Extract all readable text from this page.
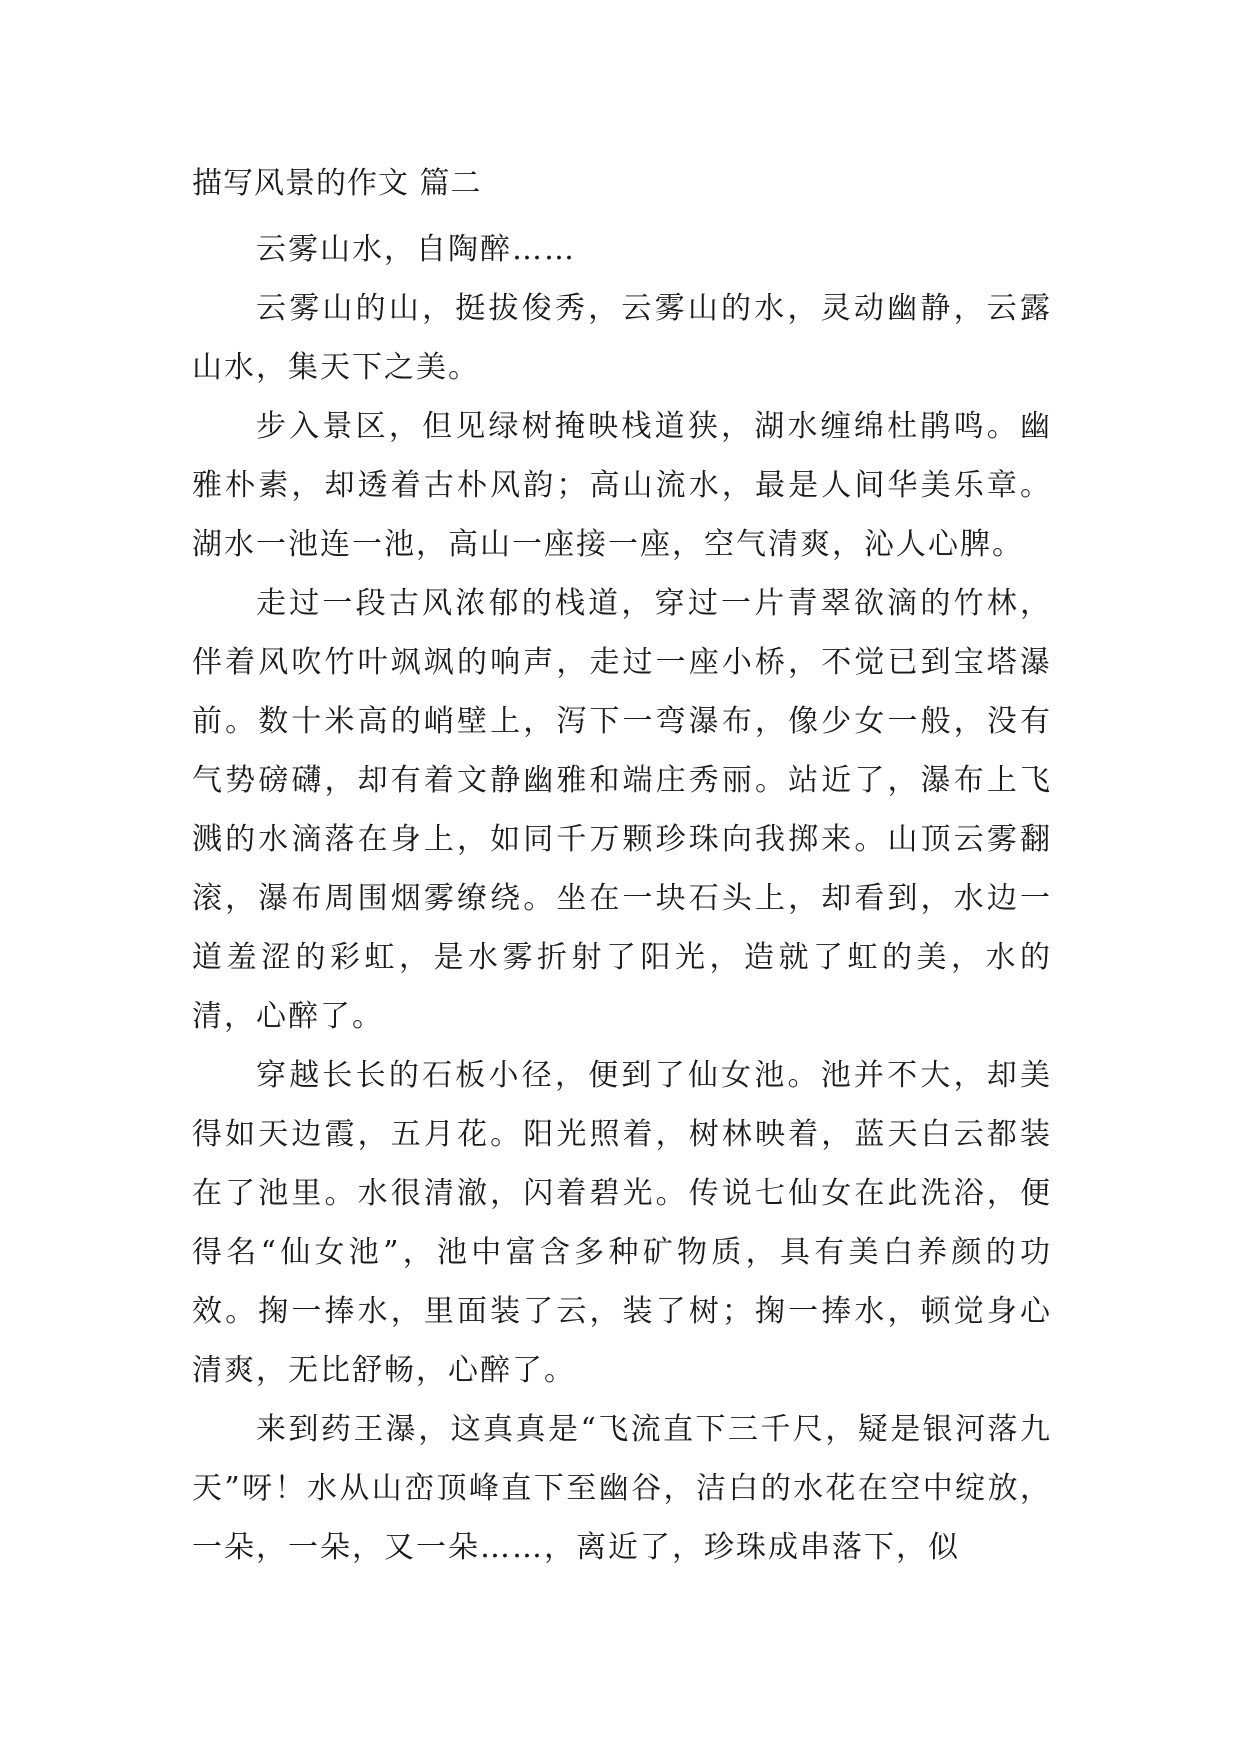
描写风景的作文 篇二

云雾山水，自陶醉……

云雾山的山，挺拔俊秀，云雾山的水，灵动幽静，云露山水，集天下之美。

步入景区，但见绿树掩映栈道狭，湖水缠绵杜鹃鸣。幽雅朴素，却透着古朴风韵；高山流水，最是人间华美乐章。湖水一池连一池，高山一座接一座，空气清爽，沁人心脾。

走过一段古风浓郁的栈道，穿过一片青翠欲滴的竹林，伴着风吹竹叶飒飒的响声，走过一座小桥，不觉已到宝塔瀑前。数十米高的峭壁上，泻下一弯瀑布，像少女一般，没有气势磅礴，却有着文静幽雅和端庄秀丽。站近了，瀑布上飞溅的水滴落在身上，如同千万颗珍珠向我掷来。山顶云雾翻滚，瀑布周围烟雾缭绕。坐在一块石头上，却看到，水边一道羞涩的彩虹，是水雾折射了阳光，造就了虹的美，水的清，心醉了。

穿越长长的石板小径，便到了仙女池。池并不大，却美得如天边霞，五月花。阳光照着，树林映着，蓝天白云都装在了池里。水很清澈，闪着碧光。传说七仙女在此洗浴，便得名“仙女池”，池中富含多种矿物质，具有美白养颜的功效。掬一捧水，里面装了云，装了树；掬一捧水，顿觉身心清爽，无比舒畅，心醉了。

来到药王瀑，这真真是“飞流直下三千尺，疑是银河落九天”呀！水从山峦顶峰直下至幽谷，洁白的水花在空中绽放，一朵，一朵，又一朵……，离近了，珍珠成串落下，似
